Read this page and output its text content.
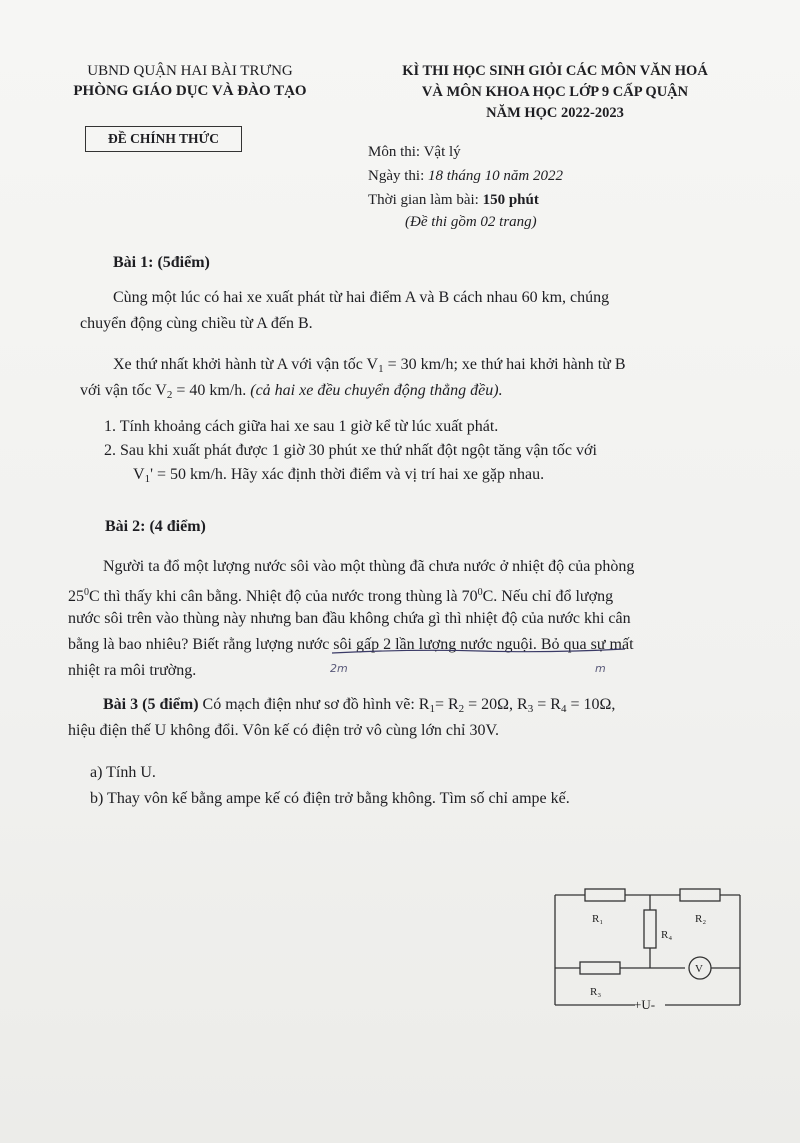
UBND QUẬN HAI BÀI TRƯNG
PHÒNG GIÁO DỤC VÀ ĐÀO TẠO
ĐỀ CHÍNH THỨC
KÌ THI HỌC SINH GIỎI CÁC MÔN VĂN HOÁ
VÀ MÔN KHOA HỌC LỚP 9 CẤP QUẬN
NĂM HỌC 2022-2023
Môn thi: Vật lý
Ngày thi: 18 tháng 10 năm 2022
Thời gian làm bài: 150 phút
(Đề thi gồm 02 trang)
Bài 1: (5điểm)
Cùng một lúc có hai xe xuất phát từ hai điểm A và B cách nhau 60 km, chúng
chuyển động cùng chiều từ A đến B.
Xe thứ nhất khởi hành từ A với vận tốc $V_1 = 30$ km/h; xe thứ hai khởi hành từ B
với vận tốc $V_2 = 40$ km/h. (cả hai xe đều chuyển động thẳng đều).
1. Tính khoảng cách giữa hai xe sau 1 giờ kể từ lúc xuất phát.
2. Sau khi xuất phát được 1 giờ 30 phút xe thứ nhất đột ngột tăng vận tốc với
$V_1' = 50$ km/h. Hãy xác định thời điểm và vị trí hai xe gặp nhau.
Bài 2: (4 điểm)
Người ta đổ một lượng nước sôi vào một thùng đã chưa nước ở nhiệt độ của phòng
$25^0C$ thì thấy khi cân bằng. Nhiệt độ của nước trong thùng là $70^0C$. Nếu chỉ đổ lượng
nước sôi trên vào thùng này nhưng ban đầu không chứa gì thì nhiệt độ của nước khi cân
bằng là bao nhiêu? Biết rằng lượng nước sôi gấp 2 lần lượng nước nguội. Bỏ qua sự mất
nhiệt ra môi trường.	2m	m
Bài 3 (5 điểm) Có mạch điện như sơ đồ hình vẽ: $R_1= R_2 = 20\Omega$, $R_3 = R_4 = 10\Omega$,
hiệu điện thế U không đổi. Vôn kế có điện trở vô cùng lớn chỉ 30V.
a) Tính U.
b) Thay vôn kế bằng ampe kế có điện trở bằng không. Tìm số chỉ ampe kế.
R₁	R₂
R₄
R₃
V
+U-
